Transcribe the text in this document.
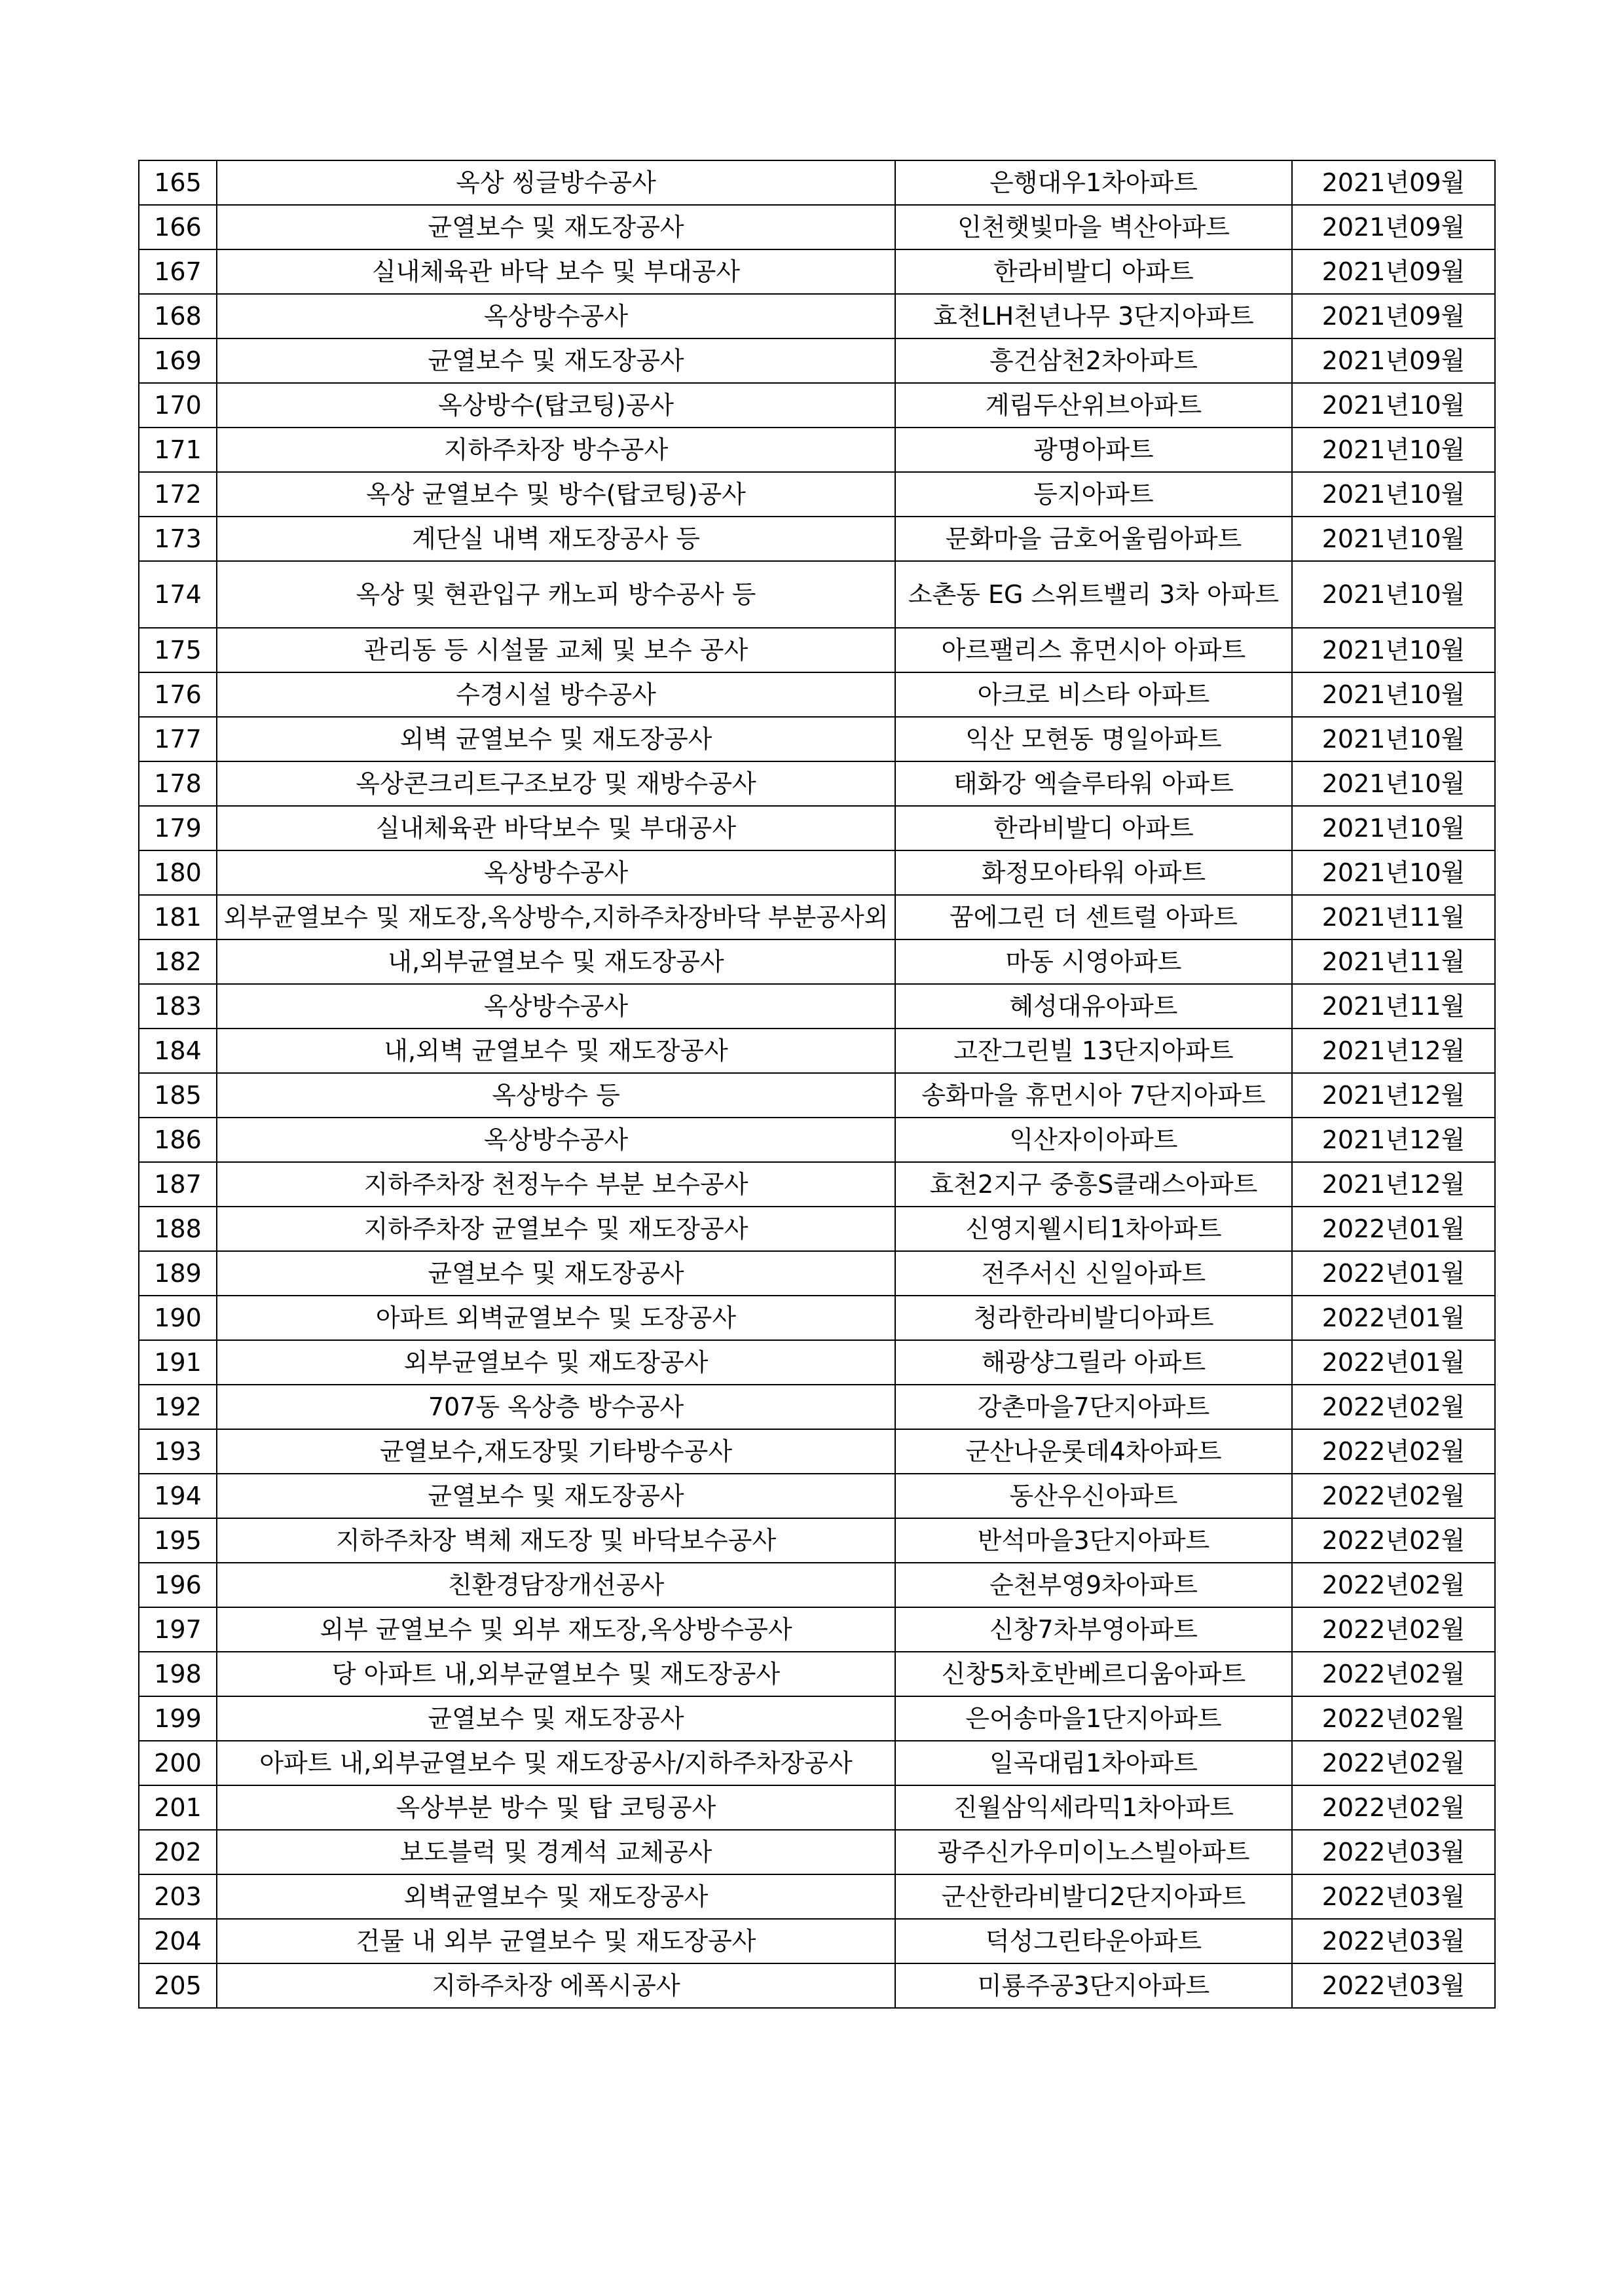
165	옥상 씽글방수공사	은행대우1차아파트	2021년09월
166	균열보수 및 재도장공사	인천햇빛마을 벽산아파트	2021년09월
167	실내체육관 바닥 보수 및 부대공사	한라비발디 아파트	2021년09월
168	옥상방수공사	효천LH천년나무 3단지아파트	2021년09월
169	균열보수 및 재도장공사	흥건삼천2차아파트	2021년09월
170	옥상방수(탑코팅)공사	계림두산위브아파트	2021년10월
171	지하주차장 방수공사	광명아파트	2021년10월
172	옥상 균열보수 및 방수(탑코팅)공사	등지아파트	2021년10월
173	계단실 내벽 재도장공사 등	문화마을 금호어울림아파트	2021년10월
174	옥상 및 현관입구 캐노피 방수공사 등	소촌동 EG 스위트밸리 3차 아파트	2021년10월
175	관리동 등 시설물 교체 및 보수 공사	아르팰리스 휴먼시아 아파트	2021년10월
176	수경시설 방수공사	아크로 비스타 아파트	2021년10월
177	외벽 균열보수 및 재도장공사	익산 모현동 명일아파트	2021년10월
178	옥상콘크리트구조보강 및 재방수공사	태화강 엑슬루타워 아파트	2021년10월
179	실내체육관 바닥보수 및 부대공사	한라비발디 아파트	2021년10월
180	옥상방수공사	화정모아타워 아파트	2021년10월
181	외부균열보수 및 재도장,옥상방수,지하주차장바닥 부분공사외	꿈에그린 더 센트럴 아파트	2021년11월
182	내,외부균열보수 및 재도장공사	마동 시영아파트	2021년11월
183	옥상방수공사	혜성대유아파트	2021년11월
184	내,외벽 균열보수 및 재도장공사	고잔그린빌 13단지아파트	2021년12월
185	옥상방수 등	송화마을 휴먼시아 7단지아파트	2021년12월
186	옥상방수공사	익산자이아파트	2021년12월
187	지하주차장 천정누수 부분 보수공사	효천2지구 중흥S클래스아파트	2021년12월
188	지하주차장 균열보수 및 재도장공사	신영지웰시티1차아파트	2022년01월
189	균열보수 및 재도장공사	전주서신 신일아파트	2022년01월
190	아파트 외벽균열보수 및 도장공사	청라한라비발디아파트	2022년01월
191	외부균열보수 및 재도장공사	해광샹그릴라 아파트	2022년01월
192	707동 옥상층 방수공사	강촌마을7단지아파트	2022년02월
193	균열보수,재도장및 기타방수공사	군산나운롯데4차아파트	2022년02월
194	균열보수 및 재도장공사	동산우신아파트	2022년02월
195	지하주차장 벽체 재도장 및 바닥보수공사	반석마을3단지아파트	2022년02월
196	친환경담장개선공사	순천부영9차아파트	2022년02월
197	외부 균열보수 및 외부 재도장,옥상방수공사	신창7차부영아파트	2022년02월
198	당 아파트 내,외부균열보수 및 재도장공사	신창5차호반베르디움아파트	2022년02월
199	균열보수 및 재도장공사	은어송마을1단지아파트	2022년02월
200	아파트 내,외부균열보수 및 재도장공사/지하주차장공사	일곡대림1차아파트	2022년02월
201	옥상부분 방수 및 탑 코팅공사	진월삼익세라믹1차아파트	2022년02월
202	보도블럭 및 경계석 교체공사	광주신가우미이노스빌아파트	2022년03월
203	외벽균열보수 및 재도장공사	군산한라비발디2단지아파트	2022년03월
204	건물 내 외부 균열보수 및 재도장공사	덕성그린타운아파트	2022년03월
205	지하주차장 에폭시공사	미룡주공3단지아파트	2022년03월
